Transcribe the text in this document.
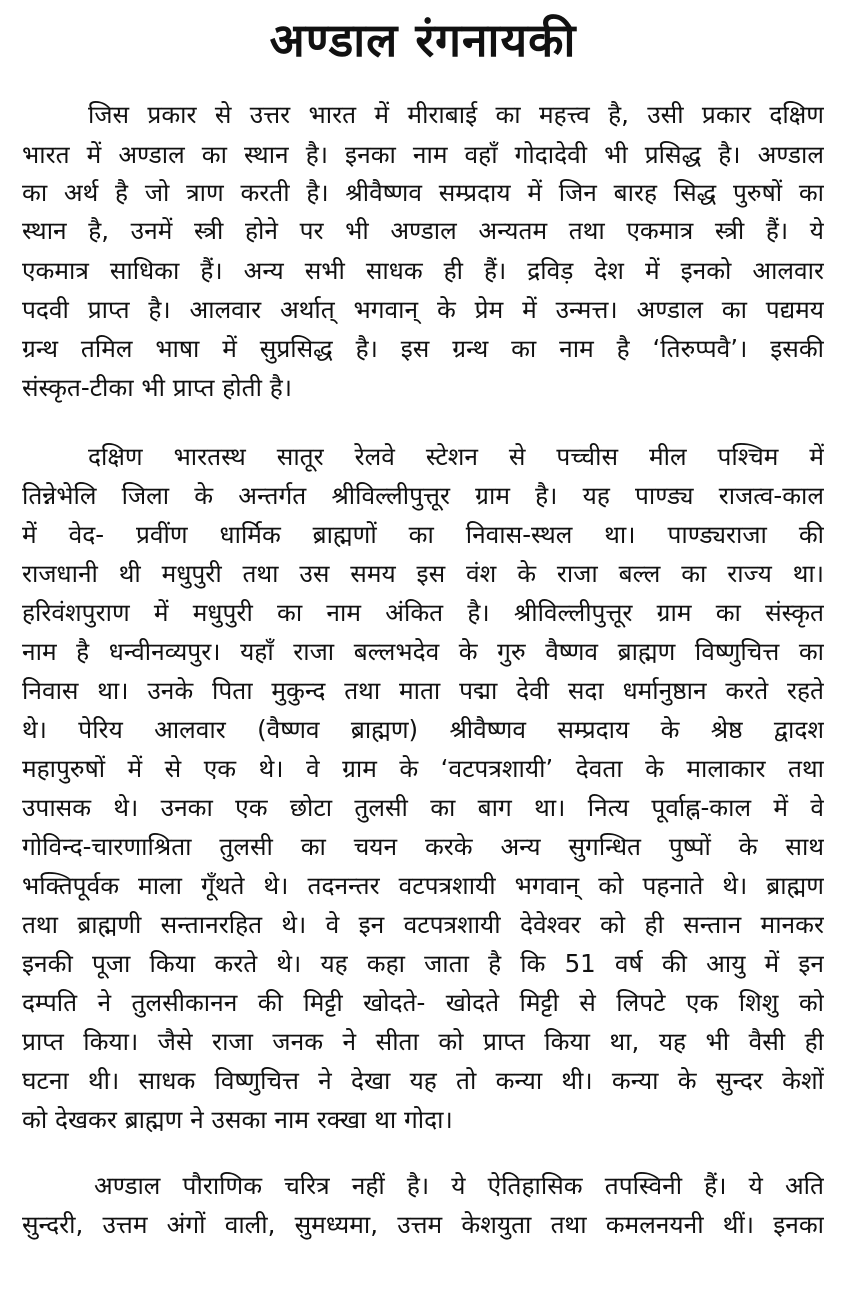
अण्डाल रंगनायकी
जिस प्रकार से उत्तर भारत में मीराबाई का महत्त्व है, उसी प्रकार दक्षिण
भारत में अण्डाल का स्थान है। इनका नाम वहाँ गोदादेवी भी प्रसिद्ध है। अण्डाल
का अर्थ है जो त्राण करती है। श्रीवैष्णव सम्प्रदाय में जिन बारह सिद्ध पुरुषों का
स्थान है, उनमें स्त्री होने पर भी अण्डाल अन्यतम तथा एकमात्र स्त्री हैं। ये
एकमात्र साधिका हैं। अन्य सभी साधक ही हैं। द्रविड़ देश में इनको आलवार
पदवी प्राप्त है। आलवार अर्थात् भगवान् के प्रेम में उन्मत्त। अण्डाल का पद्यमय
ग्रन्थ तमिल भाषा में सुप्रसिद्ध है। इस ग्रन्थ का नाम है ‘तिरुप्पवै’। इसकी
संस्कृत-टीका भी प्राप्त होती है।
दक्षिण भारतस्थ सातूर रेलवे स्टेशन से पच्चीस मील पश्चिम में
तिन्नेभेलि जिला के अन्तर्गत श्रीविल्लीपुत्तूर ग्राम है। यह पाण्ड्य राजत्व-काल
में वेद- प्रवींण धार्मिक ब्राह्मणों का निवास-स्थल था। पाण्ड्यराजा की
राजधानी थी मधुपुरी तथा उस समय इस वंश के राजा बल्ल का राज्य था।
हरिवंशपुराण में मधुपुरी का नाम अंकित है। श्रीविल्लीपुत्तूर ग्राम का संस्कृत
नाम है धन्वीनव्यपुर। यहाँ राजा बल्लभदेव के गुरु वैष्णव ब्राह्मण विष्णुचित्त का
निवास था। उनके पिता मुकुन्द तथा माता पद्मा देवी सदा धर्मानुष्ठान करते रहते
थे। पेरिय आलवार (वैष्णव ब्राह्मण) श्रीवैष्णव सम्प्रदाय के श्रेष्ठ द्वादश
महापुरुषों में से एक थे। वे ग्राम के ‘वटपत्रशायी’ देवता के मालाकार तथा
उपासक थे। उनका एक छोटा तुलसी का बाग था। नित्य पूर्वाह्न-काल में वे
गोविन्द-चारणाश्रिता तुलसी का चयन करके अन्य सुगन्धित पुष्पों के साथ
भक्तिपूर्वक माला गूँथते थे। तदनन्तर वटपत्रशायी भगवान् को पहनाते थे। ब्राह्मण
तथा ब्राह्मणी सन्तानरहित थे। वे इन वटपत्रशायी देवेश्वर को ही सन्तान मानकर
इनकी पूजा किया करते थे। यह कहा जाता है कि 51 वर्ष की आयु में इन
दम्पति ने तुलसीकानन की मिट्टी खोदते- खोदते मिट्टी से लिपटे एक शिशु को
प्राप्त किया। जैसे राजा जनक ने सीता को प्राप्त किया था, यह भी वैसी ही
घटना थी। साधक विष्णुचित्त ने देखा यह तो कन्या थी। कन्या के सुन्दर केशों
को देखकर ब्राह्मण ने उसका नाम रक्खा था गोदा।
अण्डाल पौराणिक चरित्र नहीं है। ये ऐतिहासिक तपस्विनी हैं। ये अति
सुन्दरी, उत्तम अंगों वाली, सुमध्यमा, उत्तम केशयुता तथा कमलनयनी थीं। इनका
